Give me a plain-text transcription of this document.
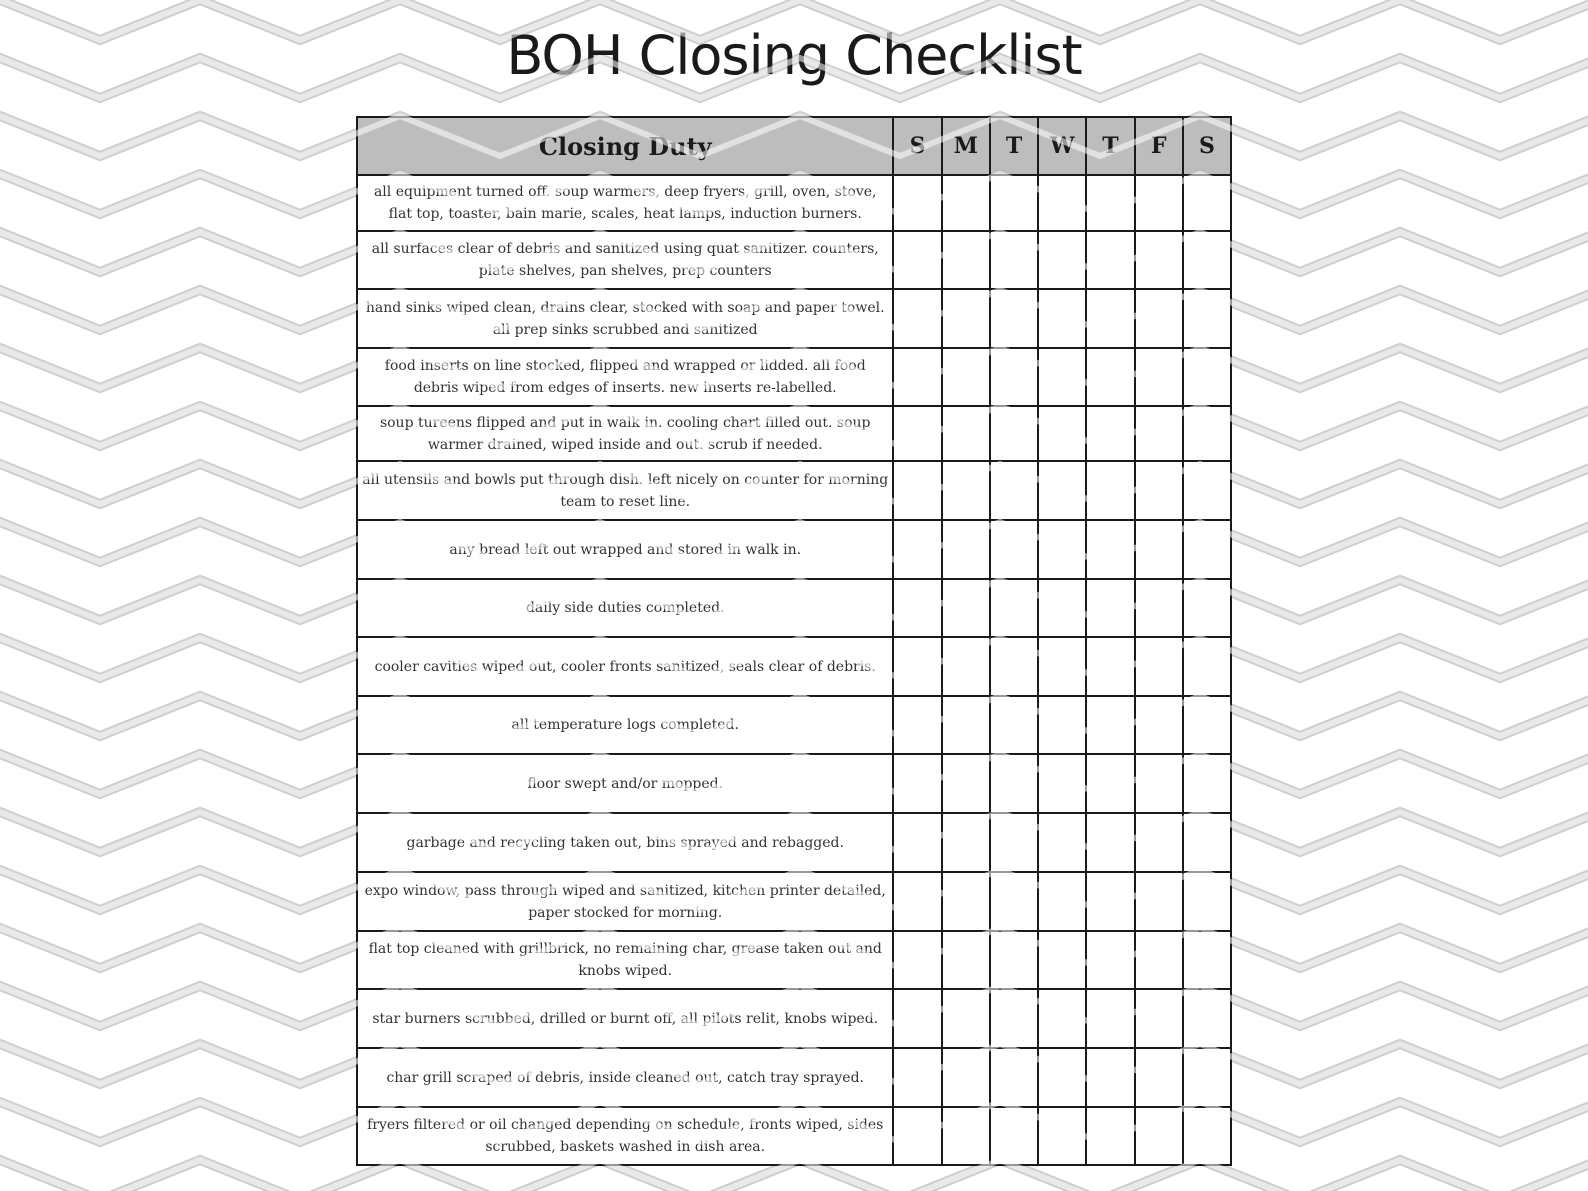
BOH Closing Checklist
Closing Duty	S	M	T	W	T	F	S
all equipment turned off. soup warmers, deep fryers, grill, oven, stove, flat top, toaster, bain marie, scales, heat lamps, induction burners.							
all surfaces clear of debris and sanitized using quat sanitizer. counters, plate shelves, pan shelves, prep counters							
hand sinks wiped clean, drains clear, stocked with soap and paper towel. all prep sinks scrubbed and sanitized							
food inserts on line stocked, flipped and wrapped or lidded. all food debris wiped from edges of inserts. new inserts re-labelled.							
soup tureens flipped and put in walk in. cooling chart filled out. soup warmer drained, wiped inside and out. scrub if needed.							
all utensils and bowls put through dish. left nicely on counter for morning team to reset line.							
any bread left out wrapped and stored in walk in.							
daily side duties completed.							
cooler cavities wiped out, cooler fronts sanitized, seals clear of debris.							
all temperature logs completed.							
floor swept and/or mopped.							
garbage and recycling taken out, bins sprayed and rebagged.							
expo window, pass through wiped and sanitized, kitchen printer detailed, paper stocked for morning.							
flat top cleaned with grillbrick, no remaining char, grease taken out and knobs wiped.							
star burners scrubbed, drilled or burnt off, all pilots relit, knobs wiped.							
char grill scraped of debris, inside cleaned out, catch tray sprayed.							
fryers filtered or oil changed depending on schedule, fronts wiped, sides scrubbed, baskets washed in dish area.							
